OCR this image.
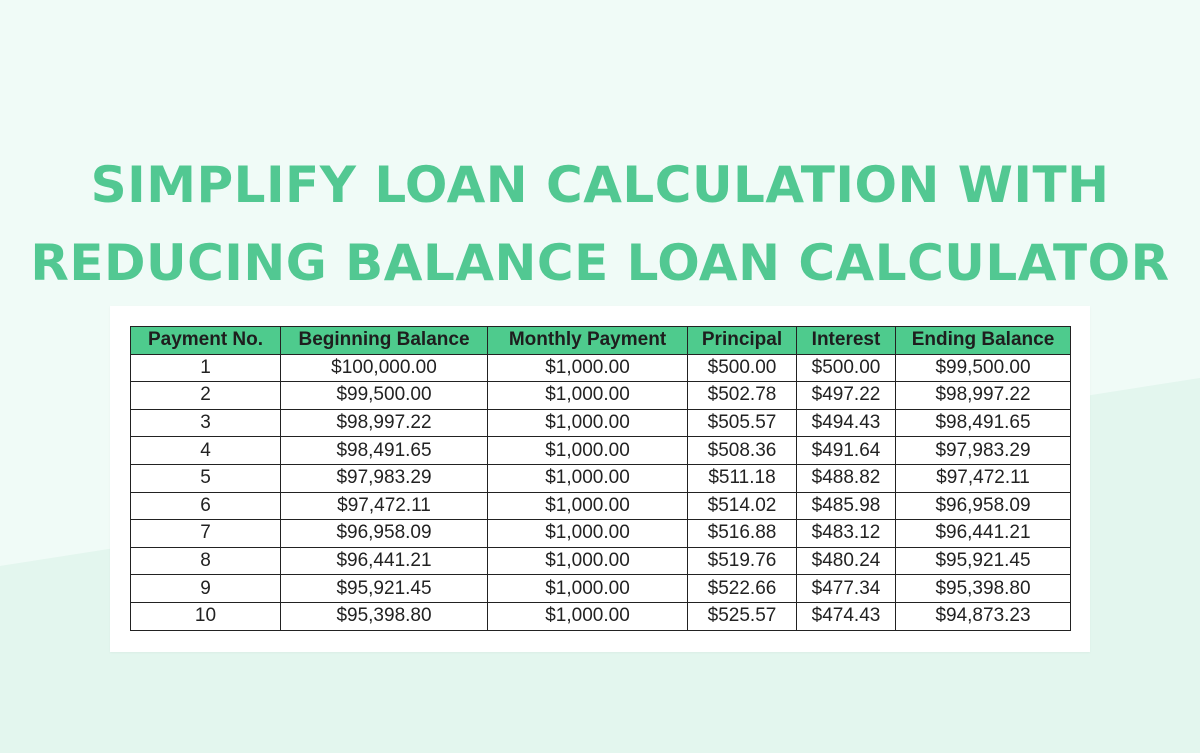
SIMPLIFY LOAN CALCULATION WITH
REDUCING BALANCE LOAN CALCULATOR
Payment No.	Beginning Balance	Monthly Payment	Principal	Interest	Ending Balance
1	$100,000.00	$1,000.00	$500.00	$500.00	$99,500.00
2	$99,500.00	$1,000.00	$502.78	$497.22	$98,997.22
3	$98,997.22	$1,000.00	$505.57	$494.43	$98,491.65
4	$98,491.65	$1,000.00	$508.36	$491.64	$97,983.29
5	$97,983.29	$1,000.00	$511.18	$488.82	$97,472.11
6	$97,472.11	$1,000.00	$514.02	$485.98	$96,958.09
7	$96,958.09	$1,000.00	$516.88	$483.12	$96,441.21
8	$96,441.21	$1,000.00	$519.76	$480.24	$95,921.45
9	$95,921.45	$1,000.00	$522.66	$477.34	$95,398.80
10	$95,398.80	$1,000.00	$525.57	$474.43	$94,873.23
